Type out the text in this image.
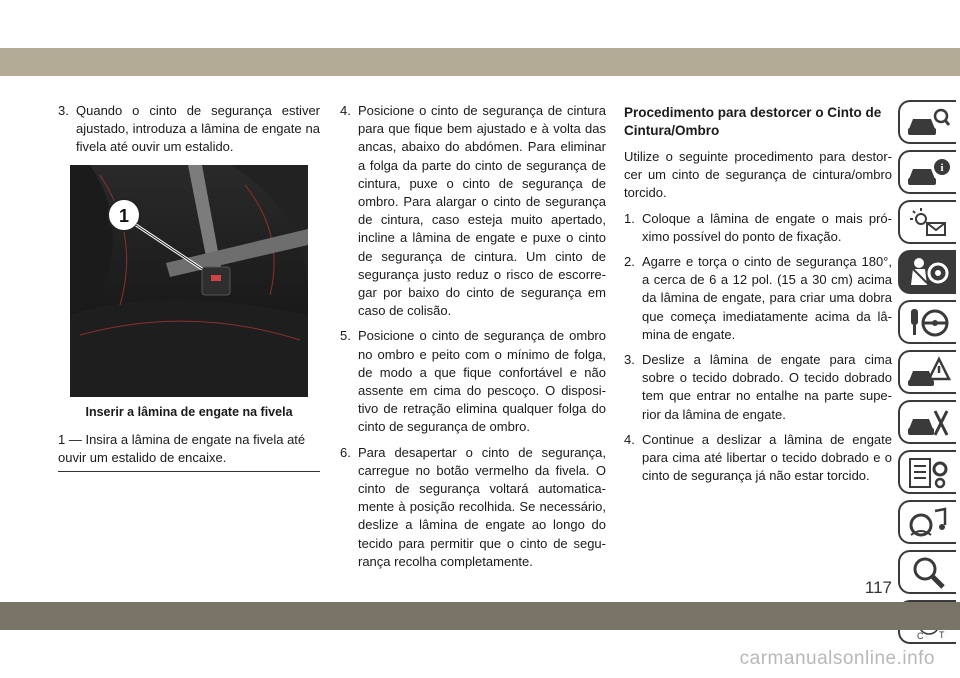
3. Quando o cinto de segurança estiver ajustado, introduza a lâmina de engate na fivela até ouvir um estalido.
1
Inserir a lâmina de engate na fivela
1 — Insira a lâmina de engate na fivela até ouvir um estalido de encaixe.
4. Posicione o cinto de segurança de cintura para que fique bem ajustado e à volta das ancas, abaixo do abdómen. Para eliminar a folga da parte do cinto de segurança de cintura, puxe o cinto de segurança de ombro. Para alargar o cinto de segurança de cintura, caso esteja muito apertado, incline a lâmina de engate e puxe o cinto de segurança de cintura. Um cinto de segurança justo reduz o risco de escorregar por baixo do cinto de segurança em caso de colisão.
5. Posicione o cinto de segurança de ombro no ombro e peito com o mínimo de folga, de modo a que fique confortável e não assente em cima do pescoço. O dispositivo de retração elimina qualquer folga do cinto de segurança de ombro.
6. Para desapertar o cinto de segurança, carregue no botão vermelho da fivela. O cinto de segurança voltará automaticamente à posição recolhida. Se necessário, deslize a lâmina de engate ao longo do tecido para permitir que o cinto de segurança recolha completamente.
Procedimento para destorcer o Cinto de Cintura/Ombro
Utilize o seguinte procedimento para destorcer um cinto de segurança de cintura/ombro torcido.
1. Coloque a lâmina de engate o mais próximo possível do ponto de fixação.
2. Agarre e torça o cinto de segurança 180°, a cerca de 6 a 12 pol. (15 a 30 cm) acima da lâmina de engate, para criar uma dobra que começa imediatamente acima da lâmina de engate.
3. Deslize a lâmina de engate para cima sobre o tecido dobrado. O tecido dobrado tem que entrar no entalhe na parte superior da lâmina de engate.
4. Continue a deslizar a lâmina de engate para cima até libertar o tecido dobrado e o cinto de segurança já não estar torcido.
i
C T
117
carmanualsonline.info
